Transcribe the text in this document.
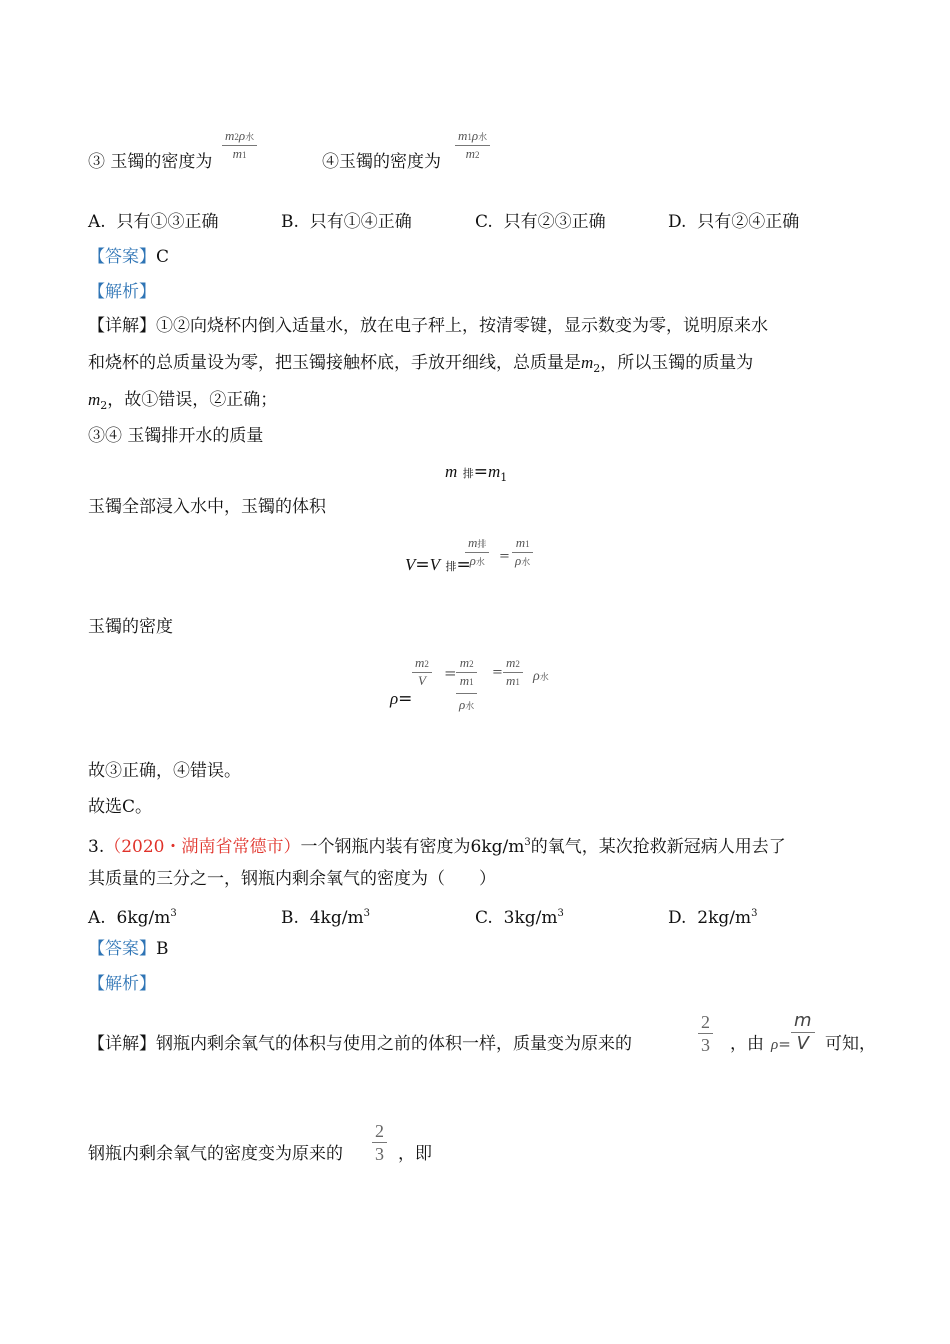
③ 玉镯的密度为
m2ρ水
m1	④玉镯的密度为
m1ρ水
m2
A. 只有①③正确	B. 只有①④正确	C. 只有②③正确	D. 只有②④正确
【答案】C
【解析】
【详解】①②向烧杯内倒入适量水，放在电子秤上，按清零键，显示数变为零，说明原来水
和烧杯的总质量设为零，把玉镯接触杯底，手放开细线，总质量是$m_2$，所以玉镯的质量为
$m_2$，故①错误，②正确；
③④ 玉镯排开水的质量
m 排$=m_1$
玉镯全部浸入水中，玉镯的体积
V=V 排=
m排
ρ水 =
m1
ρ水
玉镯的密度
ρ=
m2
V =
m2
m1
ρ水
=
m2
m1 ρ水
故③正确，④错误。
故选C。
3.（2020・湖南省常德市）一个钢瓶内装有密度为$6kg/m^3$的氧气，某次抢救新冠病人用去了
其质量的三分之一，钢瓶内剩余氧气的密度为（　　）
A. $6kg/m^3$	B. $4kg/m^3$	C. $3kg/m^3$	D. $2kg/m^3$
【答案】B
【解析】
【详解】钢瓶内剩余氧气的体积与使用之前的体积一样，质量变为原来的
2
3 ，由 ρ=
m
V 可知，
钢瓶内剩余氧气的密度变为原来的
2
3 ，即
